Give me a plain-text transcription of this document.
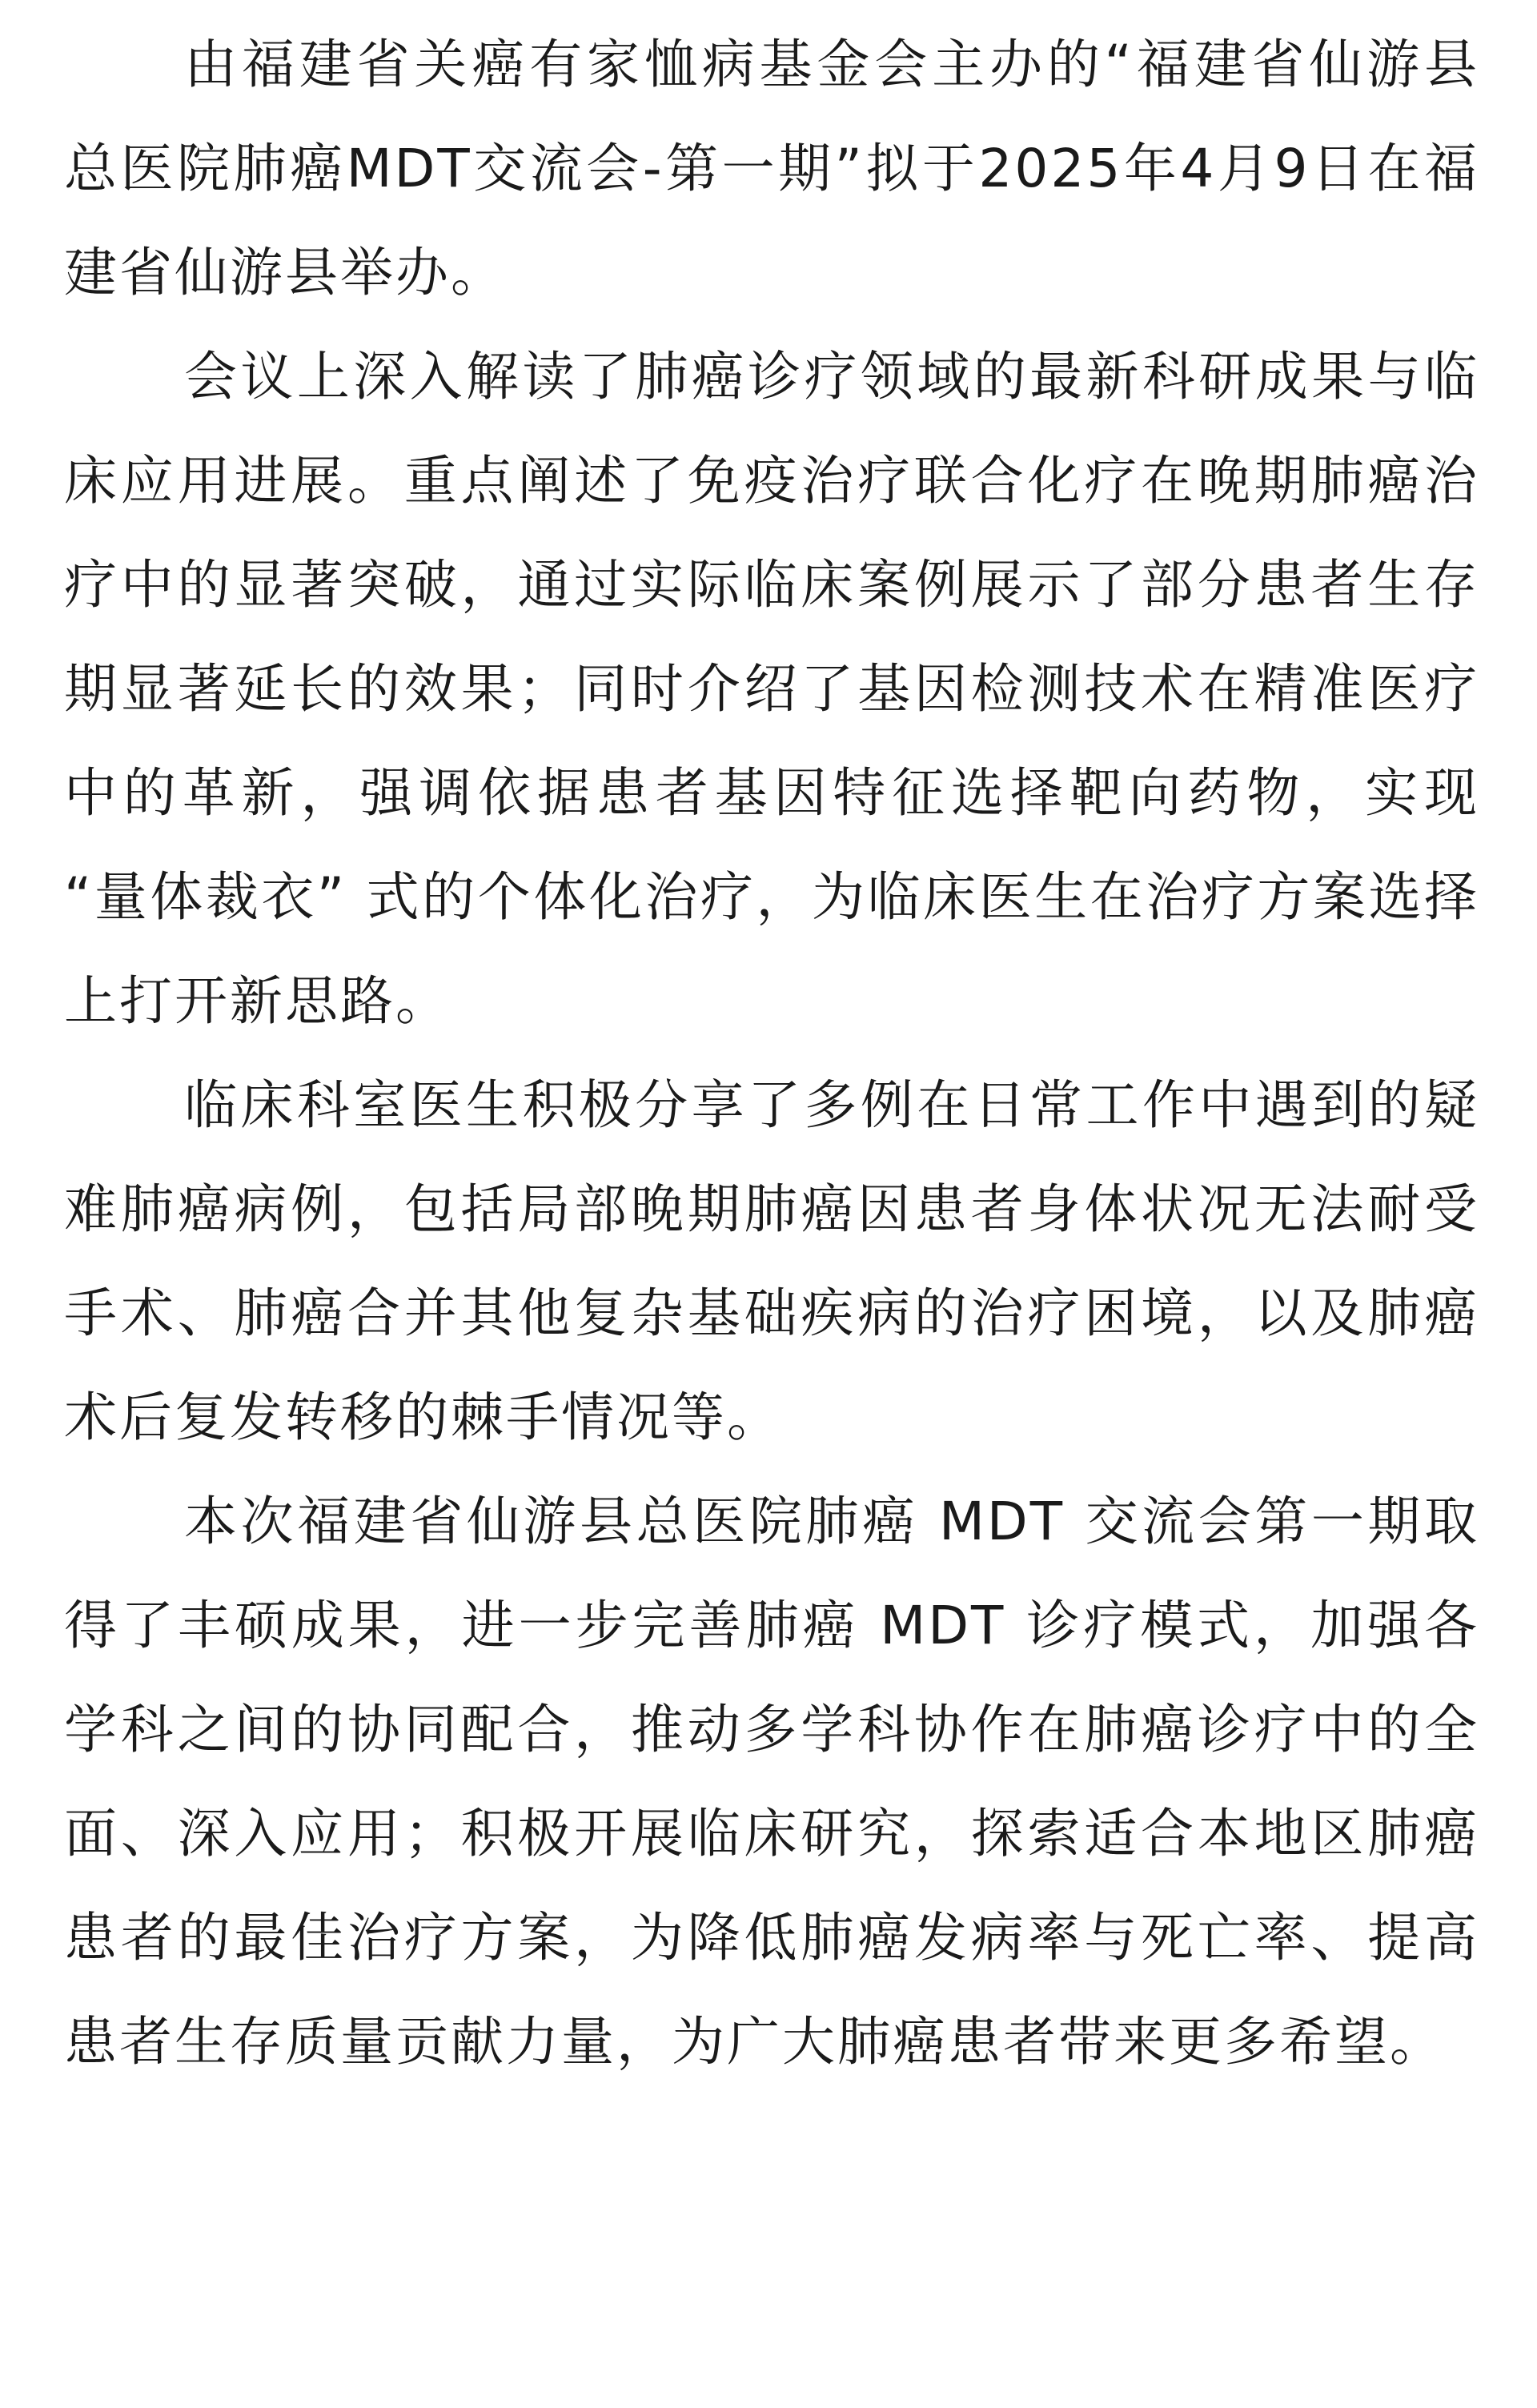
由福建省关癌有家恤病基金会主办的“福建省仙游县总医院肺癌MDT交流会-第一期”拟于2025年4月9日在福建省仙游县举办。

会议上深入解读了肺癌诊疗领域的最新科研成果与临床应用进展。重点阐述了免疫治疗联合化疗在晚期肺癌治疗中的显著突破，通过实际临床案例展示了部分患者生存期显著延长的效果；同时介绍了基因检测技术在精准医疗中的革新，强调依据患者基因特征选择靶向药物，实现 “量体裁衣” 式的个体化治疗，为临床医生在治疗方案选择上打开新思路。

临床科室医生积极分享了多例在日常工作中遇到的疑难肺癌病例，包括局部晚期肺癌因患者身体状况无法耐受手术、肺癌合并其他复杂基础疾病的治疗困境，以及肺癌术后复发转移的棘手情况等。

本次福建省仙游县总医院肺癌 MDT 交流会第一期取得了丰硕成果，进一步完善肺癌 MDT 诊疗模式，加强各学科之间的协同配合，推动多学科协作在肺癌诊疗中的全面、深入应用；积极开展临床研究，探索适合本地区肺癌患者的最佳治疗方案，为降低肺癌发病率与死亡率、提高患者生存质量贡献力量，为广大肺癌患者带来更多希望。
